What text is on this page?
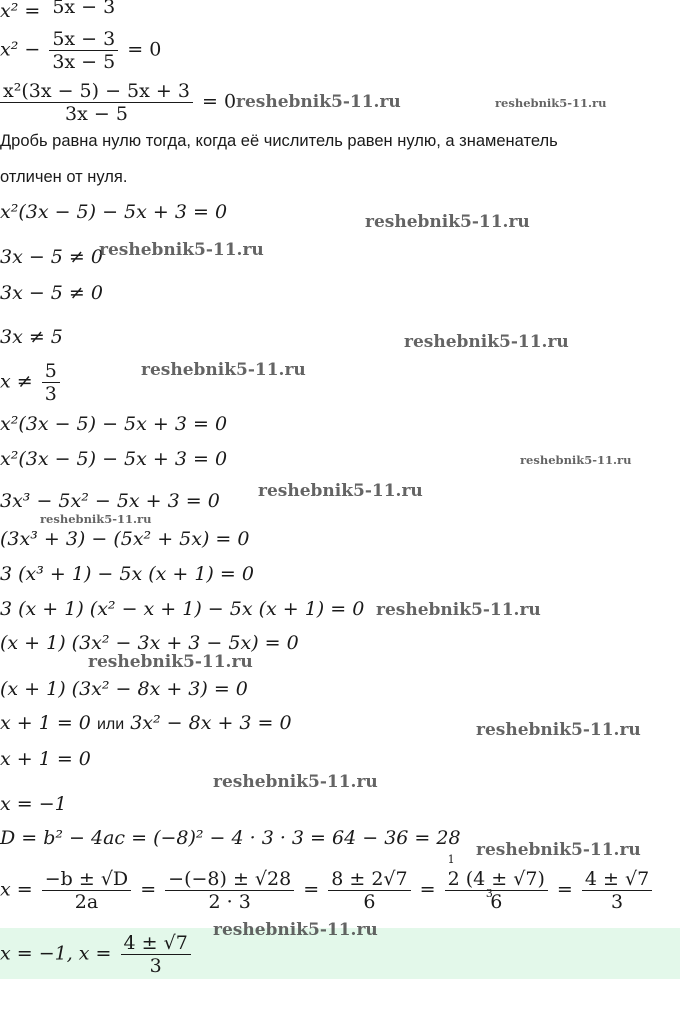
x² = 5x − 3
$x^2 - \frac{5x - 3}{3x - 5} = 0$
$\frac{\text{x²(3x − 5) − 5x + 3}}{3x - 5} = 0$ reshebnik5-11.ru	reshebnik5-11.ru
Дробь равна нулю тогда, когда её числитель равен нулю, а знаменатель
отличен от нуля.
x²(3x − 5) − 5x + 3 = 0	reshebnik5-11.ru
3x − 5 ≠ 0
reshebnik5-11.ru
3x − 5 ≠ 0
3x ≠ 5	reshebnik5-11.ru
$x \ne \frac{5}{3}$	reshebnik5-11.ru
x²(3x − 5) − 5x + 3 = 0
x²(3x − 5) − 5x + 3 = 0	reshebnik5-11.ru
3x³ − 5x² − 5x + 3 = 0 reshebnik5-11.ru
reshebnik5-11.ru
(3x³ + 3) − (5x² + 5x) = 0
3 (x³ + 1) − 5x (x + 1) = 0
3 (x + 1) (x² − x + 1) − 5x (x + 1) = 0 reshebnik5-11.ru
(x + 1) (3x² − 3x + 3 − 5x) = 0
reshebnik5-11.ru
(x + 1) (3x² − 8x + 3) = 0
x + 1 = 0 или 3x² − 8x + 3 = 0	reshebnik5-11.ru
x + 1 = 0
reshebnik5-11.ru
x = −1
D = b² − 4ac = (−8)² − 4 · 3 · 3 = 64 − 36 = 28
reshebnik5-11.ru
$x = \frac{-b \pm √D}{2a} = \frac{-(-8) \pm √28}{2 \cdot 3} = \frac{8 \pm 2√7}{6}$ =
1
2 (4 ± √7)
6
3	= $\frac{4 \pm √7}{3}$
x = −1, $x = \frac{4 \pm √7}{3}$
reshebnik5-11.ru
